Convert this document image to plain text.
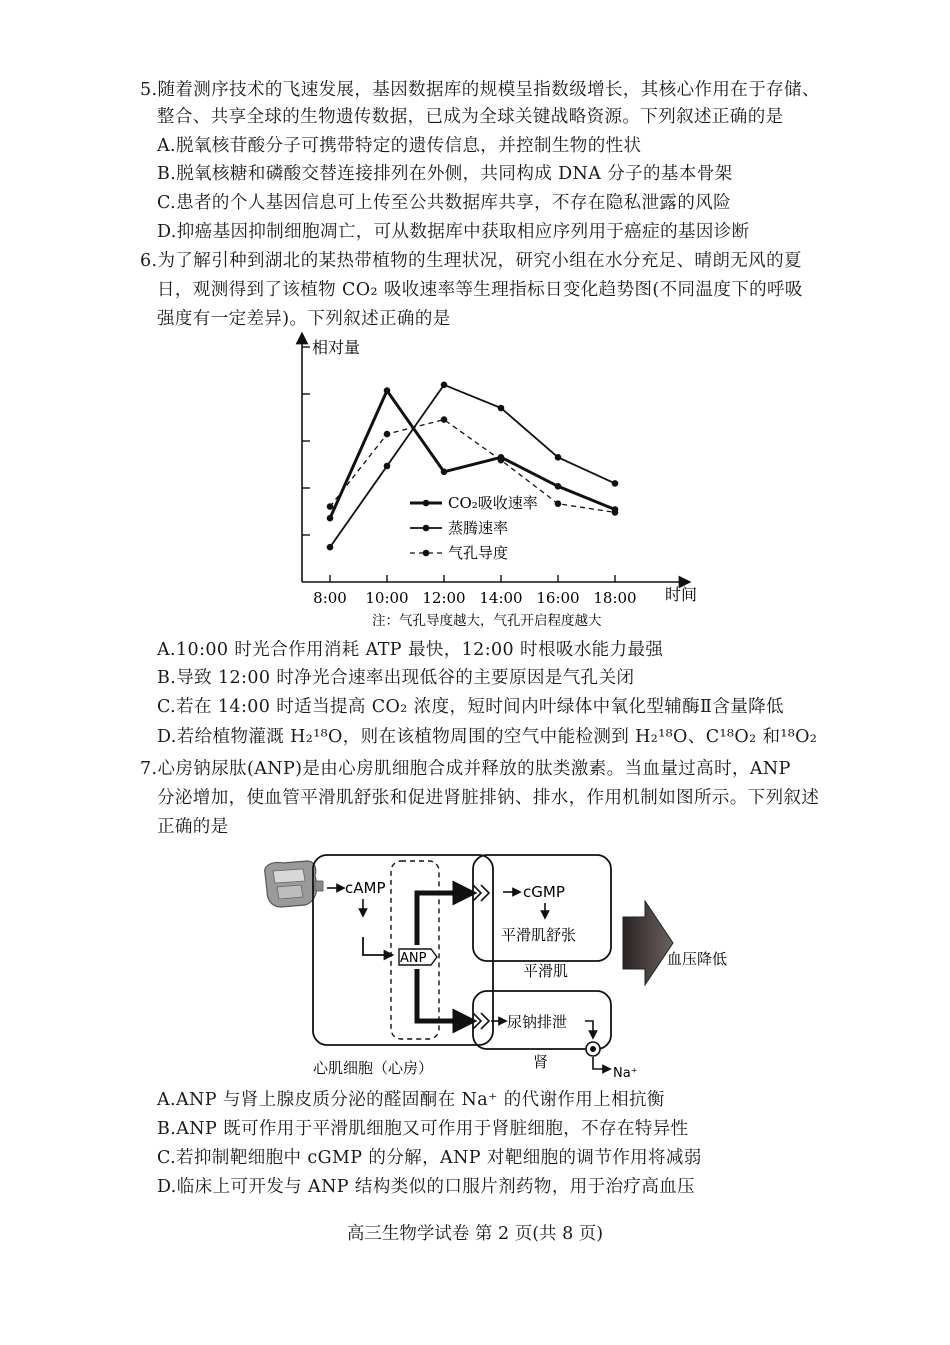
5.随着测序技术的飞速发展，基因数据库的规模呈指数级增长，其核心作用在于存储、
整合、共享全球的生物遗传数据，已成为全球关键战略资源。下列叙述正确的是
A.脱氧核苷酸分子可携带特定的遗传信息，并控制生物的性状
B.脱氧核糖和磷酸交替连接排列在外侧，共同构成 DNA 分子的基本骨架
C.患者的个人基因信息可上传至公共数据库共享，不存在隐私泄露的风险
D.抑癌基因抑制细胞凋亡，可从数据库中获取相应序列用于癌症的基因诊断
6.为了解引种到湖北的某热带植物的生理状况，研究小组在水分充足、晴朗无风的夏
日，观测得到了该植物 CO₂ 吸收速率等生理指标日变化趋势图(不同温度下的呼吸
强度有一定差异)。下列叙述正确的是
8:00 10:00 12:00 14:00 16:00 18:00
相对量
时间
CO₂吸收速率
蒸腾速率
气孔导度
注：气孔导度越大，气孔开启程度越大
A.10:00 时光合作用消耗 ATP 最快，12:00 时根吸水能力最强
B.导致 12:00 时净光合速率出现低谷的主要原因是气孔关闭
C.若在 14:00 时适当提高 CO₂ 浓度，短时间内叶绿体中氧化型辅酶Ⅱ含量降低
D.若给植物灌溉 H₂¹⁸O，则在该植物周围的空气中能检测到 H₂¹⁸O、C¹⁸O₂ 和¹⁸O₂
7.心房钠尿肽(ANP)是由心房肌细胞合成并释放的肽类激素。当血量过高时，ANP
分泌增加，使血管平滑肌舒张和促进肾脏排钠、排水，作用机制如图所示。下列叙述
正确的是
cAMP
ANP
cGMP
平滑肌舒张
平滑肌
血压降低
尿钠排泄
Na⁺
肾
心肌细胞（心房）
A.ANP 与肾上腺皮质分泌的醛固酮在 Na⁺ 的代谢作用上相抗衡
B.ANP 既可作用于平滑肌细胞又可作用于肾脏细胞，不存在特异性
C.若抑制靶细胞中 cGMP 的分解，ANP 对靶细胞的调节作用将减弱
D.临床上可开发与 ANP 结构类似的口服片剂药物，用于治疗高血压
高三生物学试卷 第 2 页(共 8 页)
